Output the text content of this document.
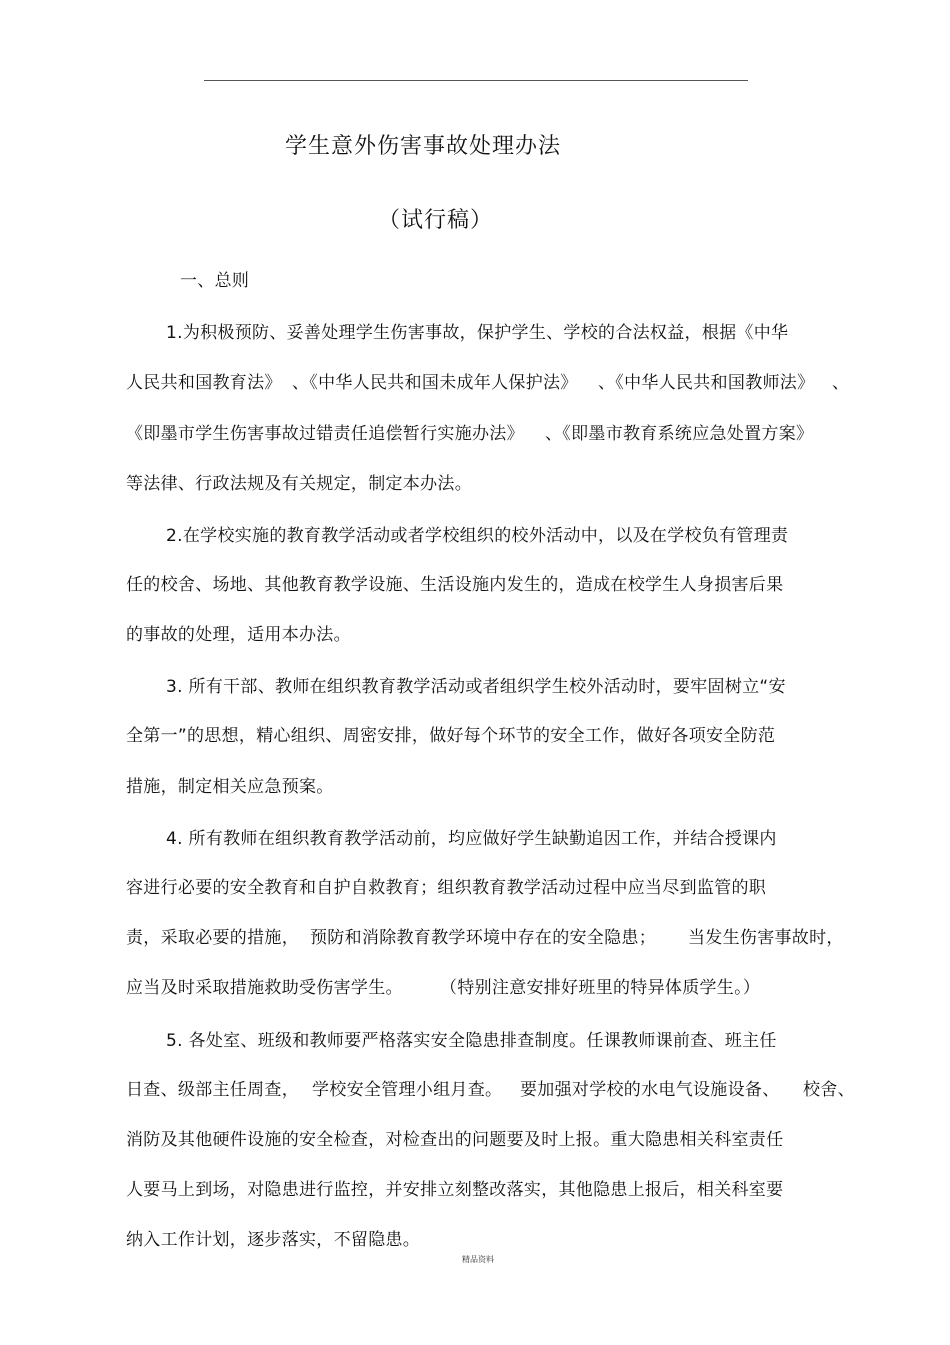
学生意外伤害事故处理办法
（试行稿）
一、总则
1.为积极预防、妥善处理学生伤害事故，保护学生、学校的合法权益，根据《中华
人民共和国教育法》 、《中华人民共和国未成年人保护法》 、《中华人民共和国教师法》 、
《即墨市学生伤害事故过错责任追偿暂行实施办法》 、《即墨市教育系统应急处置方案》
等法律、行政法规及有关规定，制定本办法。
2.在学校实施的教育教学活动或者学校组织的校外活动中，以及在学校负有管理责
任的校舍、场地、其他教育教学设施、生活设施内发生的，造成在校学生人身损害后果
的事故的处理，适用本办法。
3. 所有干部、教师在组织教育教学活动或者组织学生校外活动时，要牢固树立“安
全第一”的思想，精心组织、周密安排，做好每个环节的安全工作，做好各项安全防范
措施，制定相关应急预案。
4. 所有教师在组织教育教学活动前，均应做好学生缺勤追因工作，并结合授课内
容进行必要的安全教育和自护自救教育；组织教育教学活动过程中应当尽到监管的职
责，采取必要的措施， 预防和消除教育教学环境中存在的安全隐患； 当发生伤害事故时，
应当及时采取措施救助受伤害学生。 （特别注意安排好班里的特异体质学生。）
5. 各处室、班级和教师要严格落实安全隐患排查制度。任课教师课前查、班主任
日查、级部主任周查， 学校安全管理小组月查。 要加强对学校的水电气设施设备、 校舍、
消防及其他硬件设施的安全检查，对检查出的问题要及时上报。重大隐患相关科室责任
人要马上到场，对隐患进行监控，并安排立刻整改落实，其他隐患上报后，相关科室要
纳入工作计划，逐步落实，不留隐患。
精品资料
